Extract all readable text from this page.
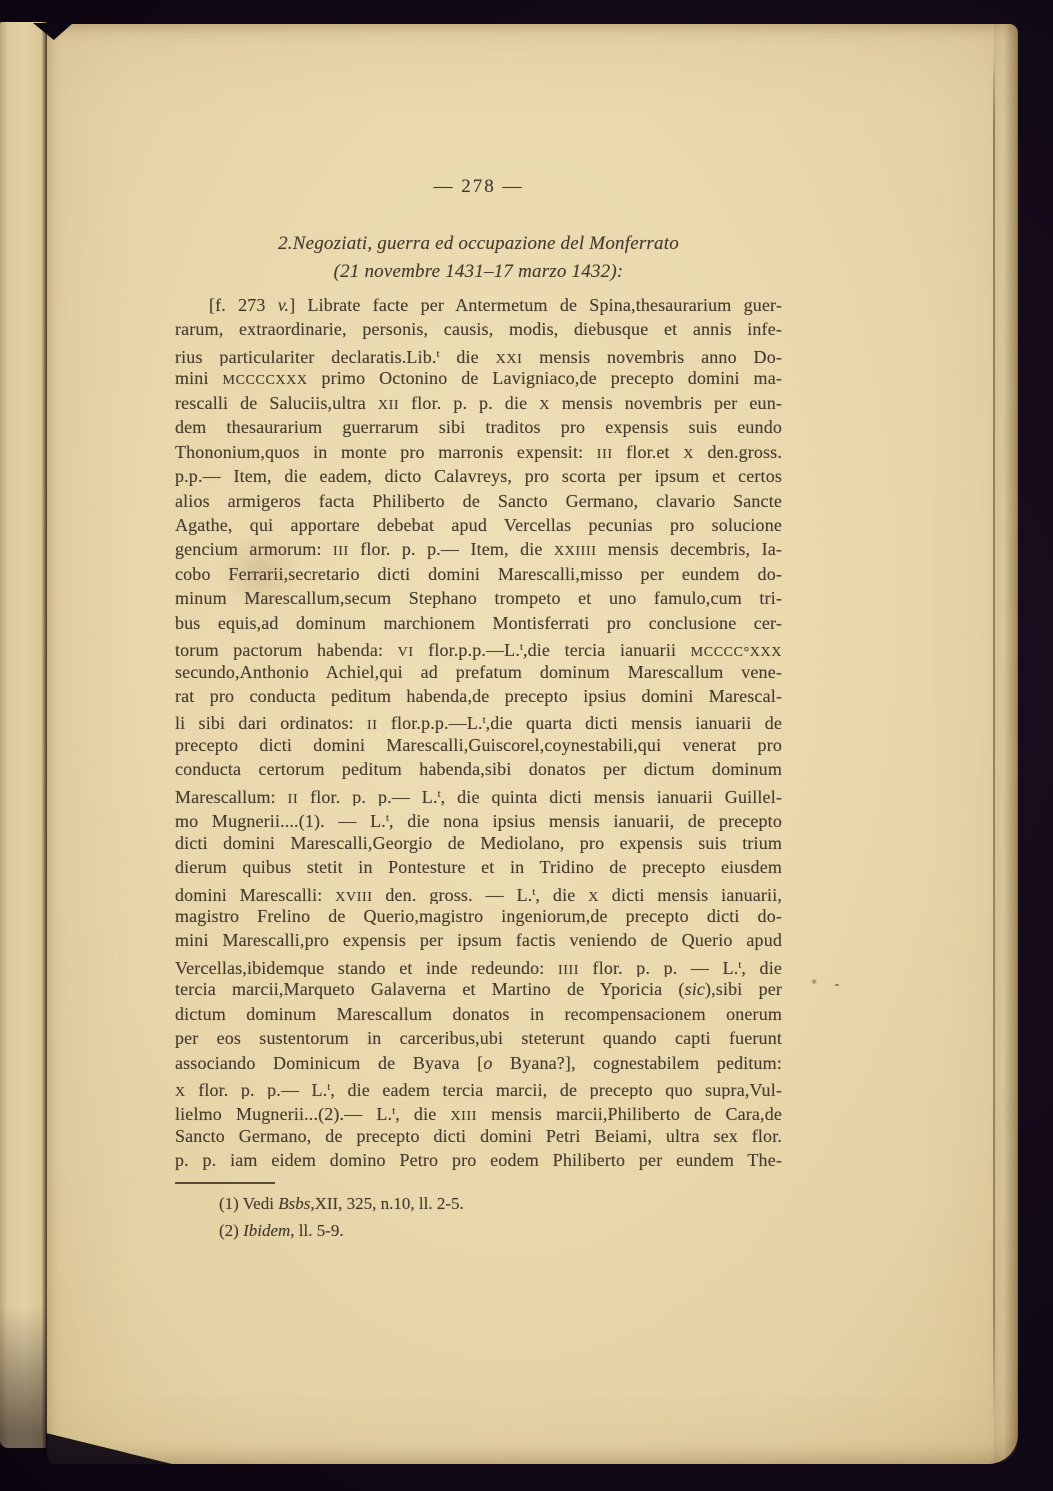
— 278 —
2.Negoziati, guerra ed occupazione del Monferrato
(21 novembre 1431–17 marzo 1432):
[f. 273 v.] Librate facte per Antermetum de Spina,thesaurarium guer-
rarum, extraordinarie, personis, causis, modis, diebusque et annis infe-
rius particulariter declaratis.Lib.$^t$ die XXI mensis novembris anno Do-
mini MCCCCXXX primo Octonino de Lavigniaco,de precepto domini ma-
rescalli de Saluciis,ultra XII flor. p. p. die X mensis novembris per eun-
dem thesaurarium guerrarum sibi traditos pro expensis suis eundo
Thononium,quos in monte pro marronis expensit: III flor.et X den.gross.
p.p.— Item, die eadem, dicto Calavreys, pro scorta per ipsum et certos
alios armigeros facta Philiberto de Sancto Germano, clavario Sancte
Agathe, qui apportare debebat apud Vercellas pecunias pro solucione
gencium armorum: III flor. p. p.— Item, die XXIIII mensis decembris, Ia-
cobo Ferrarii,secretario dicti domini Marescalli,misso per eundem do-
minum Marescallum,secum Stephano trompeto et uno famulo,cum tri-
bus equis,ad dominum marchionem Montisferrati pro conclusione cer-
torum pactorum habenda: VI flor.p.p.—L.$^t$,die tercia ianuarii MCCCC°XXX
secundo,Anthonio Achiel,qui ad prefatum dominum Marescallum vene-
rat pro conducta peditum habenda,de precepto ipsius domini Marescal-
li sibi dari ordinatos: II flor.p.p.—L.$^t$,die quarta dicti mensis ianuarii de
precepto dicti domini Marescalli,Guiscorel,coynestabili,qui venerat pro
conducta certorum peditum habenda,sibi donatos per dictum dominum
Marescallum: II flor. p. p.— L.$^t$, die quinta dicti mensis ianuarii Guillel-
mo Mugnerii....(1). — L.$^t$, die nona ipsius mensis ianuarii, de precepto
dicti domini Marescalli,Georgio de Mediolano, pro expensis suis trium
dierum quibus stetit in Pontesture et in Tridino de precepto eiusdem
domini Marescalli: XVIII den. gross. — L.$^t$, die X dicti mensis ianuarii,
magistro Frelino de Querio,magistro ingeniorum,de precepto dicti do-
mini Marescalli,pro expensis per ipsum factis veniendo de Querio apud
Vercellas,ibidemque stando et inde redeundo: IIII flor. p. p. — L.$^t$, die
tercia marcii,Marqueto Galaverna et Martino de Yporicia (sic),sibi per
dictum dominum Marescallum donatos in recompensacionem onerum
per eos sustentorum in carceribus,ubi steterunt quando capti fuerunt
associando Dominicum de Byava [o Byana?], cognestabilem peditum:
X flor. p. p.— L.$^t$, die eadem tercia marcii, de precepto quo supra,Vul-
lielmo Mugnerii...(2).— L.$^t$, die XIII mensis marcii,Philiberto de Cara,de
Sancto Germano, de precepto dicti domini Petri Beiami, ultra sex flor.
p. p. iam eidem domino Petro pro eodem Philiberto per eundem The-
(1) Vedi Bsbs,XII, 325, n.10, ll. 2-5.
(2) Ibidem, ll. 5-9.
